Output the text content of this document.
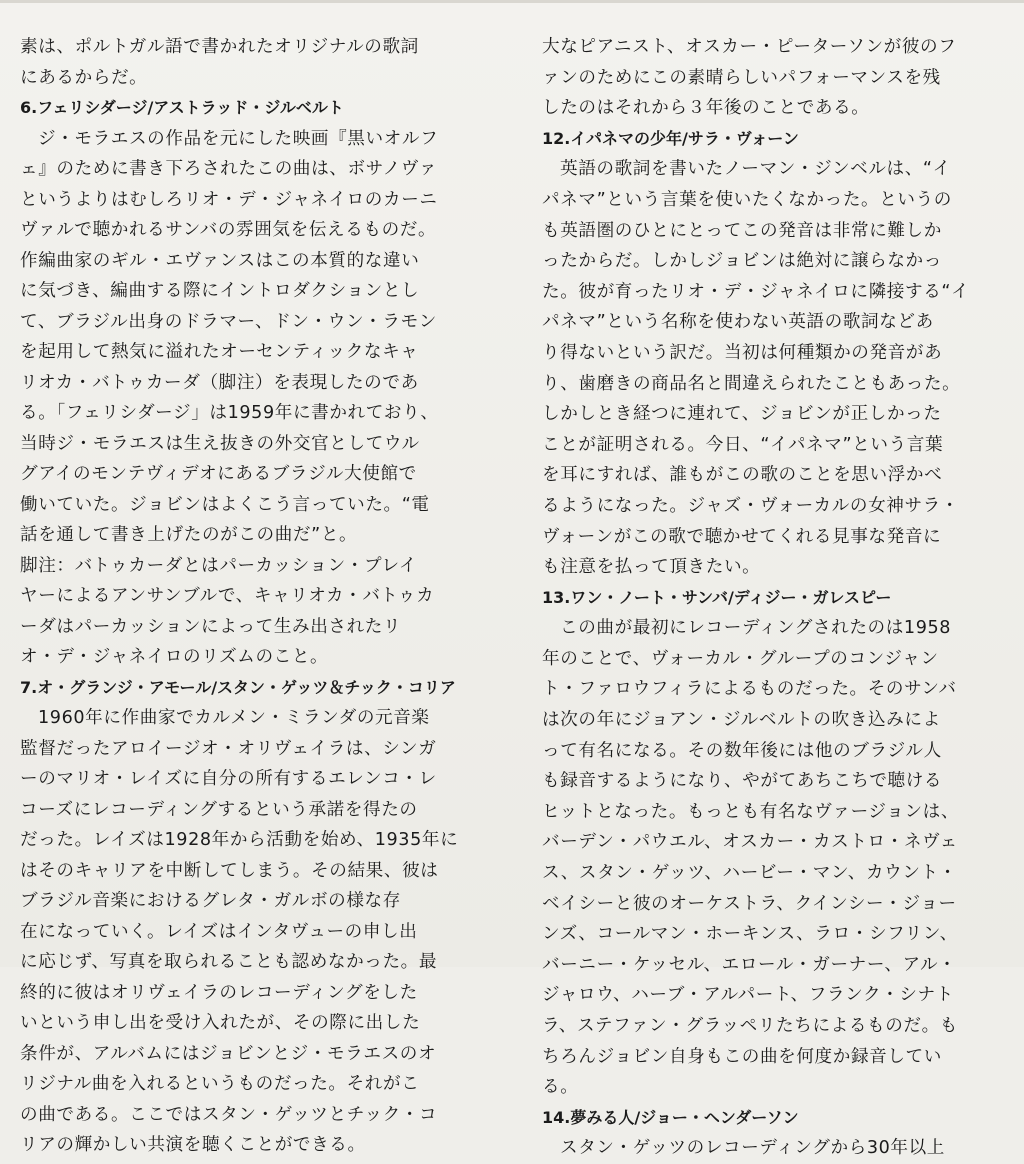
素は、ポルトガル語で書かれたオリジナルの歌詞
にあるからだ。
6.フェリシダージ/アストラッド・ジルベルト
ジ・モラエスの作品を元にした映画『黒いオルフ
ェ』のために書き下ろされたこの曲は、ボサノヴァ
というよりはむしろリオ・デ・ジャネイロのカーニ
ヴァルで聴かれるサンバの雰囲気を伝えるものだ。
作編曲家のギル・エヴァンスはこの本質的な違い
に気づき、編曲する際にイントロダクションとし
て、ブラジル出身のドラマー、ドン・ウン・ラモン
を起用して熱気に溢れたオーセンティックなキャ
リオカ・バトゥカーダ（脚注）を表現したのであ
る。「フェリシダージ」は1959年に書かれており、
当時ジ・モラエスは生え抜きの外交官としてウル
グアイのモンテヴィデオにあるブラジル大使館で
働いていた。ジョビンはよくこう言っていた。“電
話を通して書き上げたのがこの曲だ”と。
脚注：バトゥカーダとはパーカッション・プレイ
ヤーによるアンサンブルで、キャリオカ・バトゥカ
ーダはパーカッションによって生み出されたリ
オ・デ・ジャネイロのリズムのこと。
7.オ・グランジ・アモール/スタン・ゲッツ＆チック・コリア
1960年に作曲家でカルメン・ミランダの元音楽
監督だったアロイージオ・オリヴェイラは、シンガ
ーのマリオ・レイズに自分の所有するエレンコ・レ
コーズにレコーディングするという承諾を得たの
だった。レイズは1928年から活動を始め、1935年に
はそのキャリアを中断してしまう。その結果、彼は
ブラジル音楽におけるグレタ・ガルボの様な存
在になっていく。レイズはインタヴューの申し出
に応じず、写真を取られることも認めなかった。最
終的に彼はオリヴェイラのレコーディングをした
いという申し出を受け入れたが、その際に出した
条件が、アルバムにはジョビンとジ・モラエスのオ
リジナル曲を入れるというものだった。それがこ
の曲である。ここではスタン・ゲッツとチック・コ
リアの輝かしい共演を聴くことができる。
大なピアニスト、オスカー・ピーターソンが彼のフ
ァンのためにこの素晴らしいパフォーマンスを残
したのはそれから３年後のことである。
12.イパネマの少年/サラ・ヴォーン
英語の歌詞を書いたノーマン・ジンベルは、“イ
パネマ”という言葉を使いたくなかった。というの
も英語圏のひとにとってこの発音は非常に難しか
ったからだ。しかしジョビンは絶対に譲らなかっ
た。彼が育ったリオ・デ・ジャネイロに隣接する“イ
パネマ”という名称を使わない英語の歌詞などあ
り得ないという訳だ。当初は何種類かの発音があ
り、歯磨きの商品名と間違えられたこともあった。
しかしとき経つに連れて、ジョビンが正しかった
ことが証明される。今日、“イパネマ”という言葉
を耳にすれば、誰もがこの歌のことを思い浮かべ
るようになった。ジャズ・ヴォーカルの女神サラ・
ヴォーンがこの歌で聴かせてくれる見事な発音に
も注意を払って頂きたい。
13.ワン・ノート・サンバ/ディジー・ガレスピー
この曲が最初にレコーディングされたのは1958
年のことで、ヴォーカル・グループのコンジャン
ト・ファロウフィラによるものだった。そのサンバ
は次の年にジョアン・ジルベルトの吹き込みによ
って有名になる。その数年後には他のブラジル人
も録音するようになり、やがてあちこちで聴ける
ヒットとなった。もっとも有名なヴァージョンは、
バーデン・パウエル、オスカー・カストロ・ネヴェ
ス、スタン・ゲッツ、ハービー・マン、カウント・
ベイシーと彼のオーケストラ、クインシー・ジョー
ンズ、コールマン・ホーキンス、ラロ・シフリン、
バーニー・ケッセル、エロール・ガーナー、アル・
ジャロウ、ハーブ・アルパート、フランク・シナト
ラ、ステファン・グラッペリたちによるものだ。も
ちろんジョビン自身もこの曲を何度か録音してい
る。
14.夢みる人/ジョー・ヘンダーソン
スタン・ゲッツのレコーディングから30年以上
